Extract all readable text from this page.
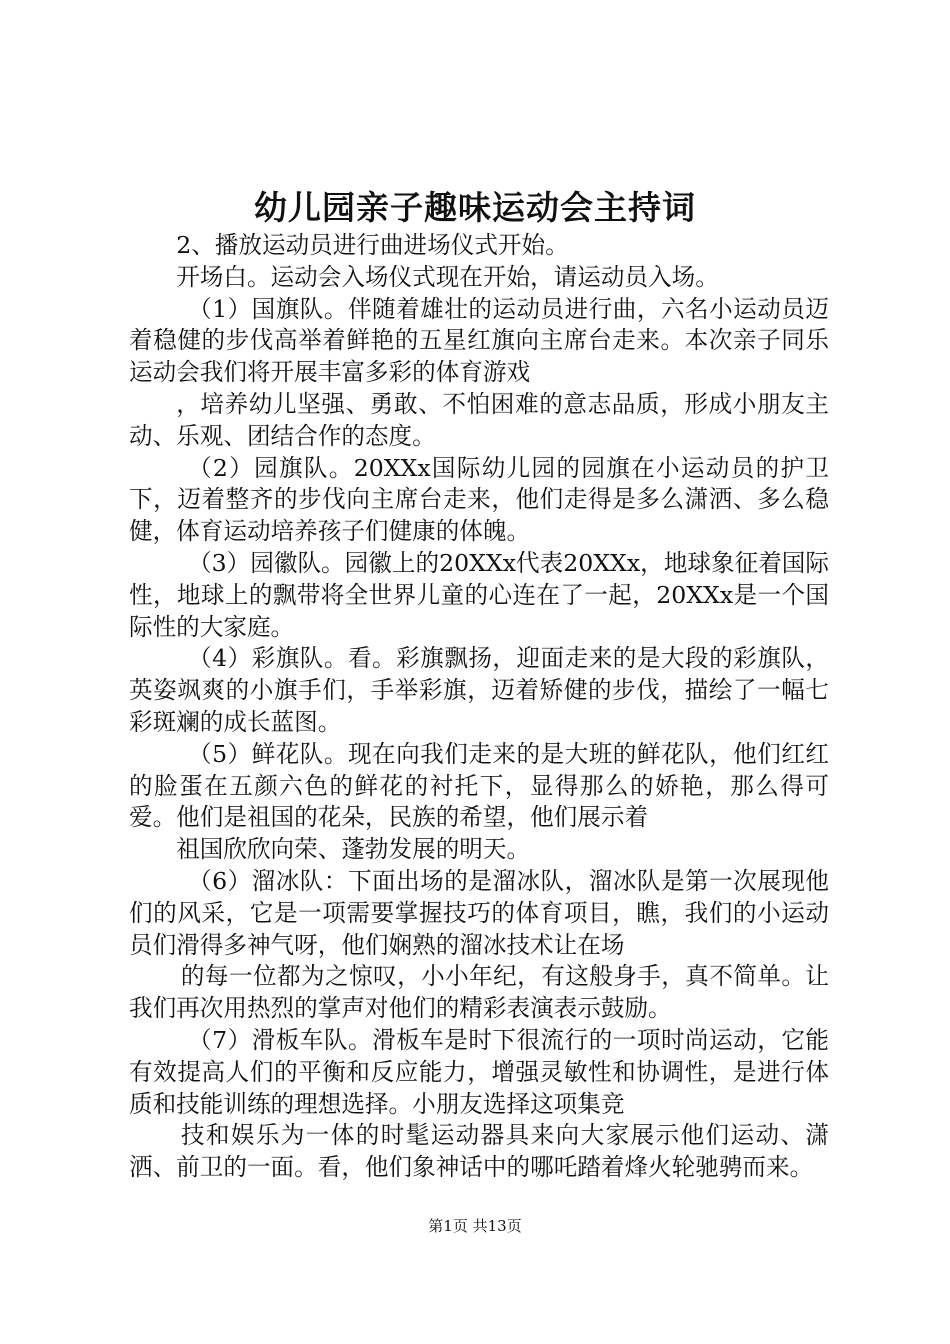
幼儿园亲子趣味运动会主持词

2、播放运动员进行曲进场仪式开始。

开场白。运动会入场仪式现在开始，请运动员入场。

（1）国旗队。伴随着雄壮的运动员进行曲，六名小运动员迈着稳健的步伐高举着鲜艳的五星红旗向主席台走来。本次亲子同乐运动会我们将开展丰富多彩的体育游戏

，培养幼儿坚强、勇敢、不怕困难的意志品质，形成小朋友主动、乐观、团结合作的态度。

（2）园旗队。20XXx国际幼儿园的园旗在小运动员的护卫下，迈着整齐的步伐向主席台走来，他们走得是多么潇洒、多么稳健，体育运动培养孩子们健康的体魄。

（3）园徽队。园徽上的20XXx代表20XXx，地球象征着国际性，地球上的飘带将全世界儿童的心连在了一起，20XXx是一个国际性的大家庭。

（4）彩旗队。看。彩旗飘扬，迎面走来的是大段的彩旗队，英姿飒爽的小旗手们，手举彩旗，迈着矫健的步伐，描绘了一幅七彩斑斓的成长蓝图。

（5）鲜花队。现在向我们走来的是大班的鲜花队，他们红红的脸蛋在五颜六色的鲜花的衬托下，显得那么的娇艳，那么得可爱。他们是祖国的花朵，民族的希望，他们展示着

祖国欣欣向荣、蓬勃发展的明天。

（6）溜冰队：下面出场的是溜冰队，溜冰队是第一次展现他们的风采，它是一项需要掌握技巧的体育项目，瞧，我们的小运动员们滑得多神气呀，他们娴熟的溜冰技术让在场

的每一位都为之惊叹，小小年纪，有这般身手，真不简单。让我们再次用热烈的掌声对他们的精彩表演表示鼓励。

（7）滑板车队。滑板车是时下很流行的一项时尚运动，它能有效提高人们的平衡和反应能力，增强灵敏性和协调性，是进行体质和技能训练的理想选择。小朋友选择这项集竞

技和娱乐为一体的时髦运动器具来向大家展示他们运动、潇洒、前卫的一面。看，他们象神话中的哪吒踏着烽火轮驰骋而来。

第1页 共13页
